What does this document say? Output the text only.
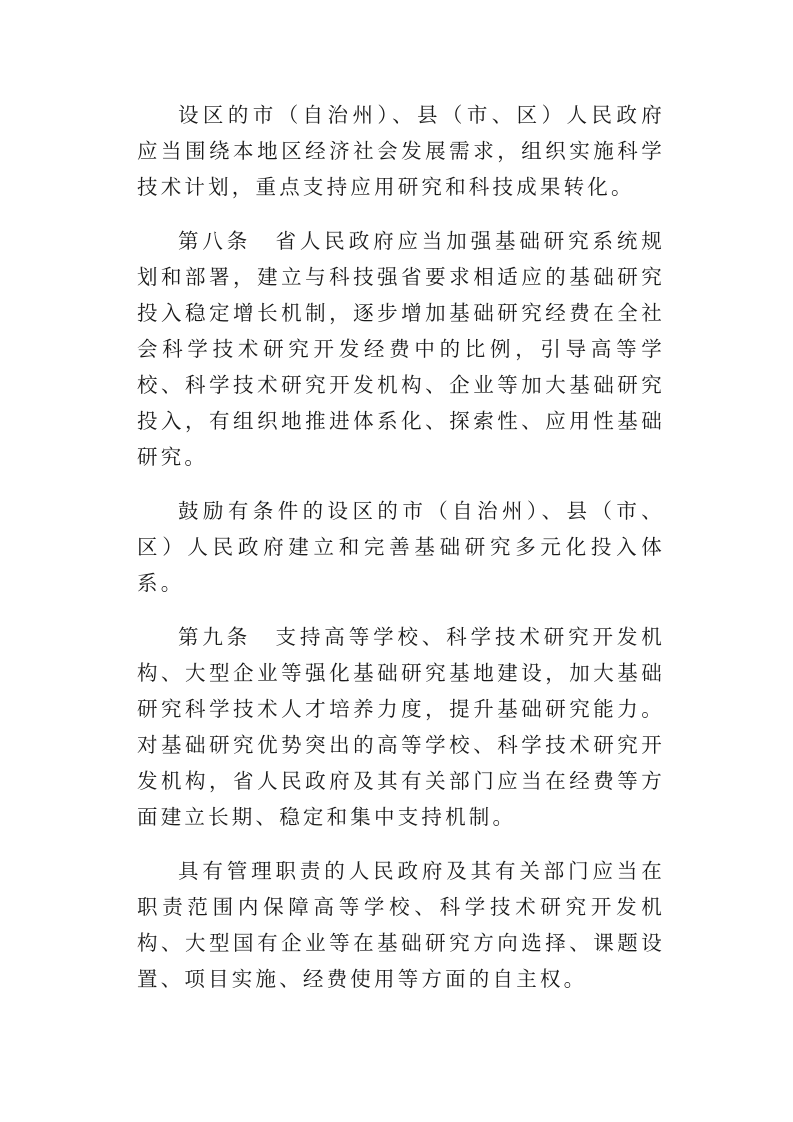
设区的市（自治州）、县（市、区）人民政府应当围绕本地区经济社会发展需求，组织实施科学技术计划，重点支持应用研究和科技成果转化。

第八条　省人民政府应当加强基础研究系统规划和部署，建立与科技强省要求相适应的基础研究投入稳定增长机制，逐步增加基础研究经费在全社会科学技术研究开发经费中的比例，引导高等学校、科学技术研究开发机构、企业等加大基础研究投入，有组织地推进体系化、探索性、应用性基础研究。

鼓励有条件的设区的市（自治州）、县（市、区）人民政府建立和完善基础研究多元化投入体系。

第九条　支持高等学校、科学技术研究开发机构、大型企业等强化基础研究基地建设，加大基础研究科学技术人才培养力度，提升基础研究能力。对基础研究优势突出的高等学校、科学技术研究开发机构，省人民政府及其有关部门应当在经费等方面建立长期、稳定和集中支持机制。

具有管理职责的人民政府及其有关部门应当在职责范围内保障高等学校、科学技术研究开发机构、大型国有企业等在基础研究方向选择、课题设置、项目实施、经费使用等方面的自主权。
